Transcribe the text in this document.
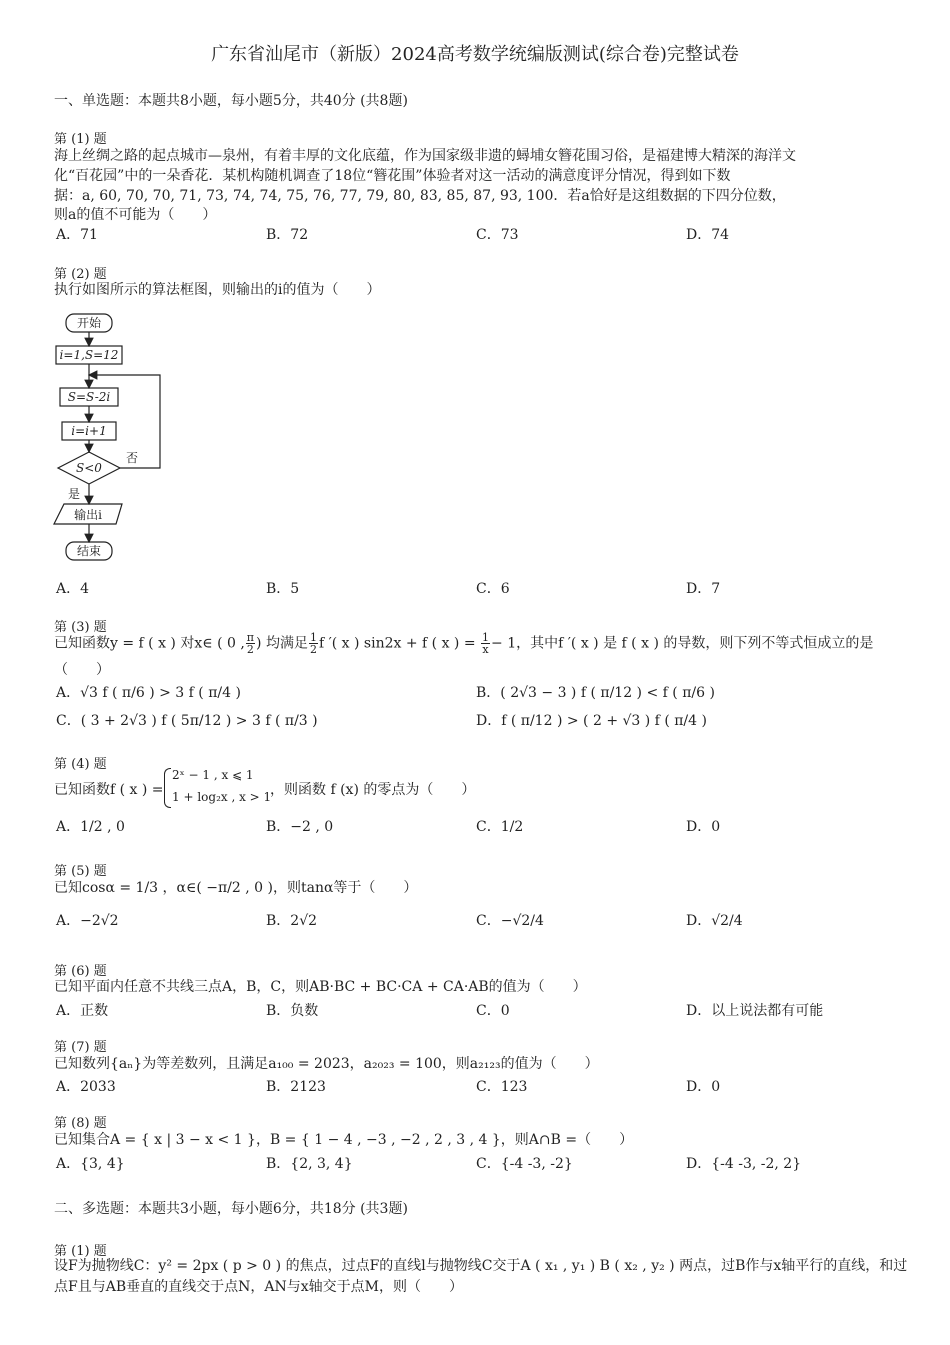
广东省汕尾市（新版）2024高考数学统编版测试(综合卷)完整试卷
一、单选题：本题共8小题，每小题5分，共40分 (共8题)
第 (1) 题
海上丝绸之路的起点城市—泉州，有着丰厚的文化底蕴，作为国家级非遗的蟳埔女簪花围习俗，是福建博大精深的海洋文
化“百花园”中的一朵香花．某机构随机调查了18位“簪花围”体验者对这一活动的满意度评分情况，得到如下数
据：a, 60, 70, 70, 71, 73, 74, 74, 75, 76, 77, 79, 80, 83, 85, 87, 93, 100．若a恰好是这组数据的下四分位数，
则a的值不可能为（　　）
A．71	B．72	C．73	D．74
第 (2) 题
执行如图所示的算法框图，则输出的i的值为（　　）
开始
i=1,S=12
S=S-2i
i=i+1
S<0
否
是
输出i
结束
A．4	B．5	C．6	D．7
第 (3) 题
已知函数y = f ( x ) 对x∈ ( 0 , $\frac{\pi}{2}$ ) 均满足 $\frac{1}{2}$ f ′( x ) sin2x + f ( x ) = $\frac{1}{x} - 1$，其中f ′( x ) 是 f ( x ) 的导数，则下列不等式恒成立的是
（　　）
A．√3 f ( π/6 ) > 3 f ( π/4 )	B．( 2√3 − 3 ) f ( π/12 ) < f ( π/6 )
C．( 3 + 2√3 ) f ( 5π/12 ) > 3 f ( π/3 )	D．f ( π/12 ) > ( 2 + √3 ) f ( π/4 )
第 (4) 题
已知函数f ( x ) =
2ˣ − 1 , x ⩽ 1
1 + log₂x , x > 1
，则函数 f (x) 的零点为（　　）
A．1/2 , 0	B．−2 , 0	C．1/2	D．0
第 (5) 题
已知cosα = 1/3 ，α∈( −π/2 , 0 )，则tanα等于（　　）
A．−2√2	B．2√2	C．−√2/4	D．√2/4
第 (6) 题
已知平面内任意不共线三点A，B，C，则AB·BC + BC·CA + CA·AB的值为（　　）
A．正数	B．负数	C．0	D．以上说法都有可能
第 (7) 题
已知数列{aₙ}为等差数列，且满足a₁₀₀ = 2023，a₂₀₂₃ = 100，则a₂₁₂₃的值为（　　）
A．2033	B．2123	C．123	D．0
第 (8) 题
已知集合A = { x | 3 − x < 1 }，B = { 1 − 4 , −3 , −2 , 2 , 3 , 4 }，则A∩B =（　　）
A．{3, 4}	B．{2, 3, 4}	C．{-4 -3, -2}	D．{-4 -3, -2, 2}
二、多选题：本题共3小题，每小题6分，共18分 (共3题)
第 (1) 题
设F为抛物线C：y² = 2px ( p > 0 ) 的焦点，过点F的直线l与抛物线C交于A ( x₁ , y₁ ) B ( x₂ , y₂ ) 两点，过B作与x轴平行的直线，和过
点F且与AB垂直的直线交于点N，AN与x轴交于点M，则（　　）
